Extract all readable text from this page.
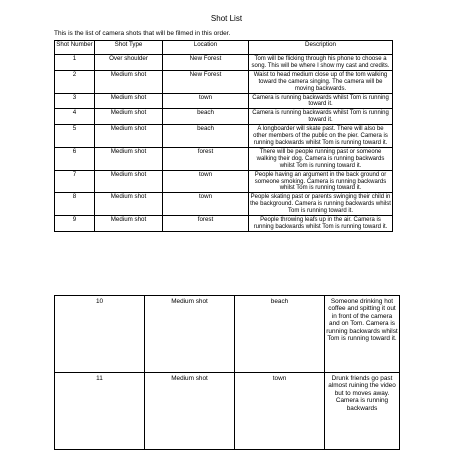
Shot List
This is the list of camera shots that will be filmed in this order.
Shot Number	Shot Type	Location	Description
1	Over shoulder	New Forest	Tom will be flicking through his phone to choose a song. This will be where I show my cast and credits.
2	Medium shot	New Forest	Waist to head medium close up of the tom walking toward the camera singing. The camera will be moving backwards.
3	Medium shot	town	Camera is running backwards whilst Tom is running toward it.
4	Medium shot	beach	Camera is running backwards whilst Tom is running toward it.
5	Medium shot	beach	A longboarder will skate past. There will also be other members of the public on the pier. Camera is running backwards whilst Tom is running toward it.
6	Medium shot	forest	There will be people running past or someone walking their dog. Camera is running backwards whilst Tom is running toward it.
7	Medium shot	town	People having an argument in the back ground or someone smoking. Camera is running backwards whilst Tom is running toward it.
8	Medium shot	town	People skating past or parents swinging their child in the background. Camera is running backwards whilst Tom is running toward it.
9	Medium shot	forest	People throwing leafs up in the air. Camera is running backwards whilst Tom is running toward it.
10	Medium shot	beach	Someone drinking hot coffee and spitting it out in front of the camera and on Tom. Camera is running backwards whilst Tom is running toward it.
11	Medium shot	town	Drunk friends go past almost ruining the video but to moves away. Camera is running backwards
